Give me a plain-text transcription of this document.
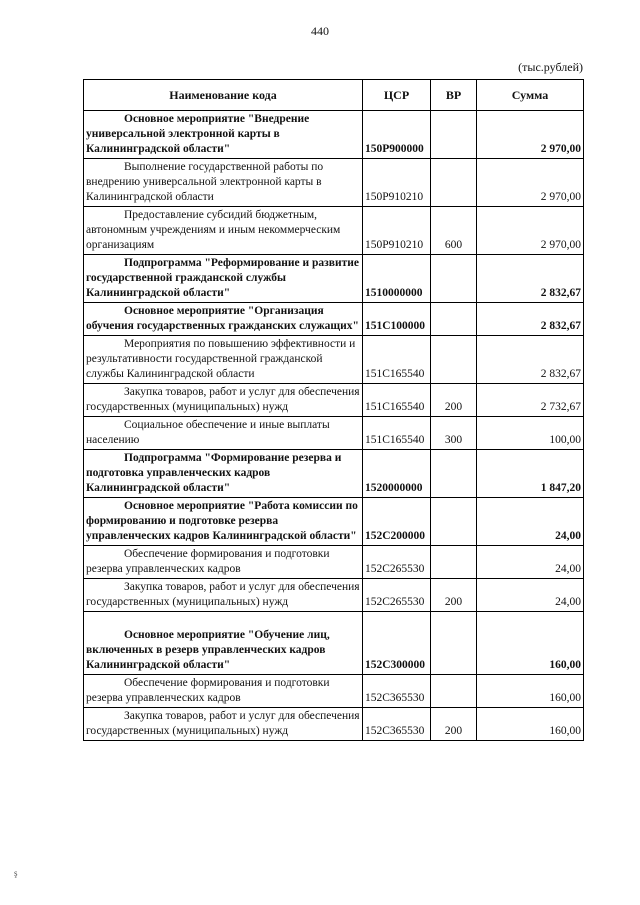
440
(тыс.рублей)
Наименование кода	ЦСР	ВР	Сумма

Основное мероприятие "Внедрение универсальной электронной карты в Калининградской области"	150P900000		2 970,00

Выполнение государственной работы по внедрению универсальной электронной карты в Калининградской области	150P910210		2 970,00

Предоставление субсидий бюджетным, автономным учреждениям и иным некоммерческим организациям	150P910210	600	2 970,00

Подпрограмма "Реформирование и развитие государственной гражданской службы Калининградской области"	1510000000		2 832,67

Основное мероприятие "Организация обучения государственных гражданских служащих"	151C100000		2 832,67

Мероприятия по повышению эффективности и результативности государственной гражданской службы Калининградской области	151C165540		2 832,67

Закупка товаров, работ и услуг для обеспечения государственных (муниципальных) нужд	151C165540	200	2 732,67

Социальное обеспечение и иные выплаты населению	151C165540	300	100,00

Подпрограмма "Формирование резерва и подготовка управленческих кадров Калининградской области"	1520000000		1 847,20

Основное мероприятие "Работа комиссии по формированию и подготовке резерва управленческих кадров Калининградской области"	152C200000		24,00

Обеспечение формирования и подготовки резерва управленческих кадров	152C265530		24,00

Закупка товаров, работ и услуг для обеспечения государственных (муниципальных) нужд	152C265530	200	24,00

Основное мероприятие "Обучение лиц, включенных в резерв управленческих кадров Калининградской области"	152C300000		160,00

Обеспечение формирования и подготовки резерва управленческих кадров	152C365530		160,00

Закупка товаров, работ и услуг для обеспечения государственных (муниципальных) нужд	152C365530	200	160,00
ş
